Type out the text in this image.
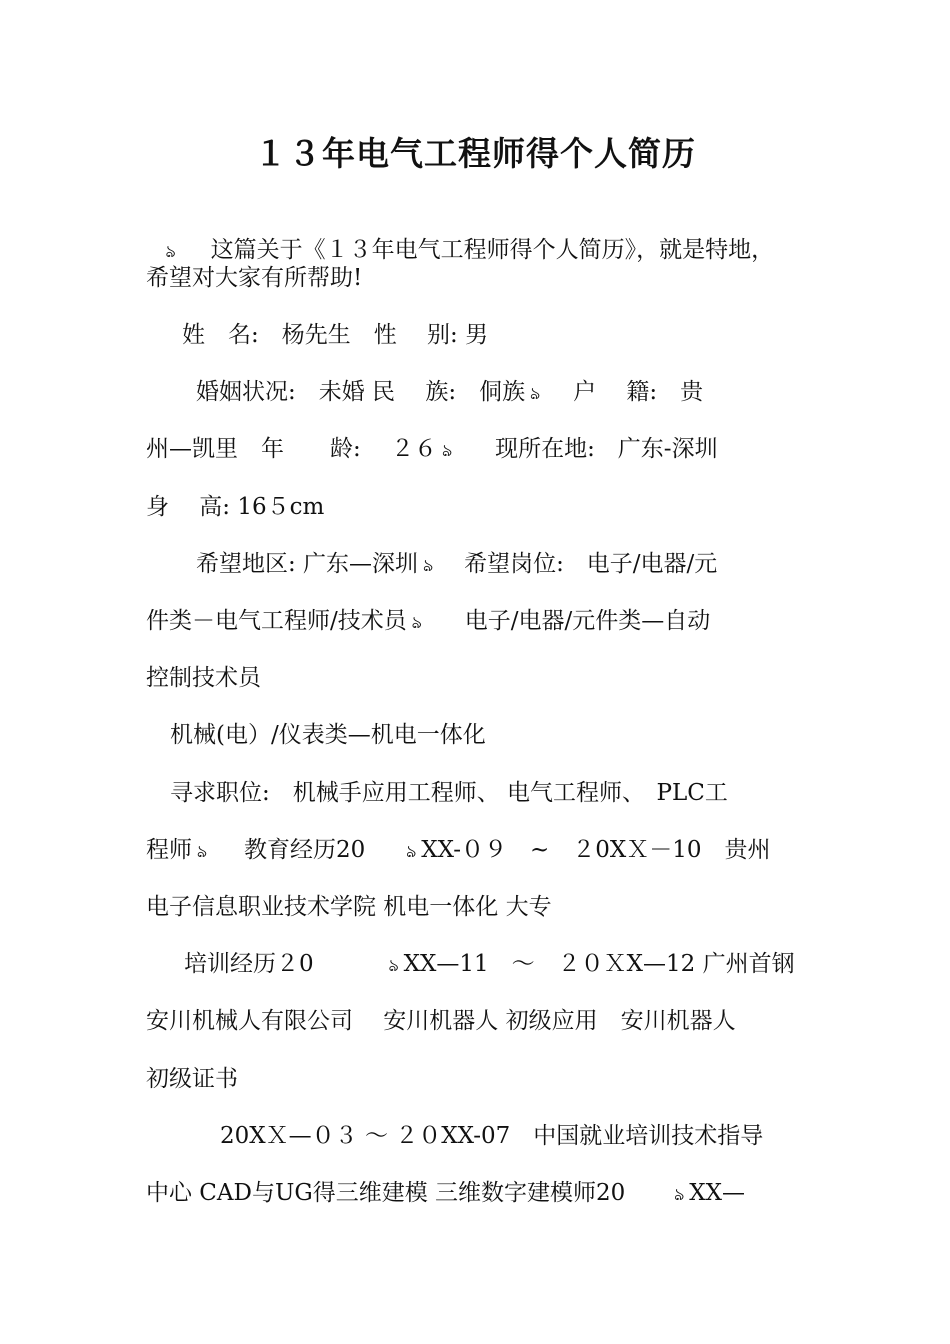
１３年电气工程师得个人简历

ঌ 这篇关于《１３年电气工程师得个人简历》，就是特地，

希望对大家有所帮助!
姓　名:　杨先生　性　 别: 男
婚姻状况:　未婚 民　 族:　侗族 ঌ 户　 籍:　贵
州—凯里　年　　龄:　 ２６ ঌ 现所在地:　广东-深圳
身　 高: 16５cm
希望地区: 广东—深圳 ঌ 希望岗位:　电子/电器/元
件类－电气工程师/技术员 ঌ 电子/电器/元件类—自动
控制技术员
机械(电）/仪表类—机电一体化
寻求职位:　机械手应用工程师、 电气工程师、　PLC工
程师 ঌ 教育经历20 ঌ XX-０９　~　２0XＸ－10　贵州
电子信息职业技术学院 机电一体化 大专
培训经历２0	ঌ XX—11　～　２０ＸX—12 广州首钢
安川机械人有限公司　 安川机器人 初级应用　安川机器人
初级证书
20XＸ—０３ ～ ２０XX-07　中国就业培训技术指导
中心 CAD与UG得三维建模 三维数字建模师20	ঌ XX—
